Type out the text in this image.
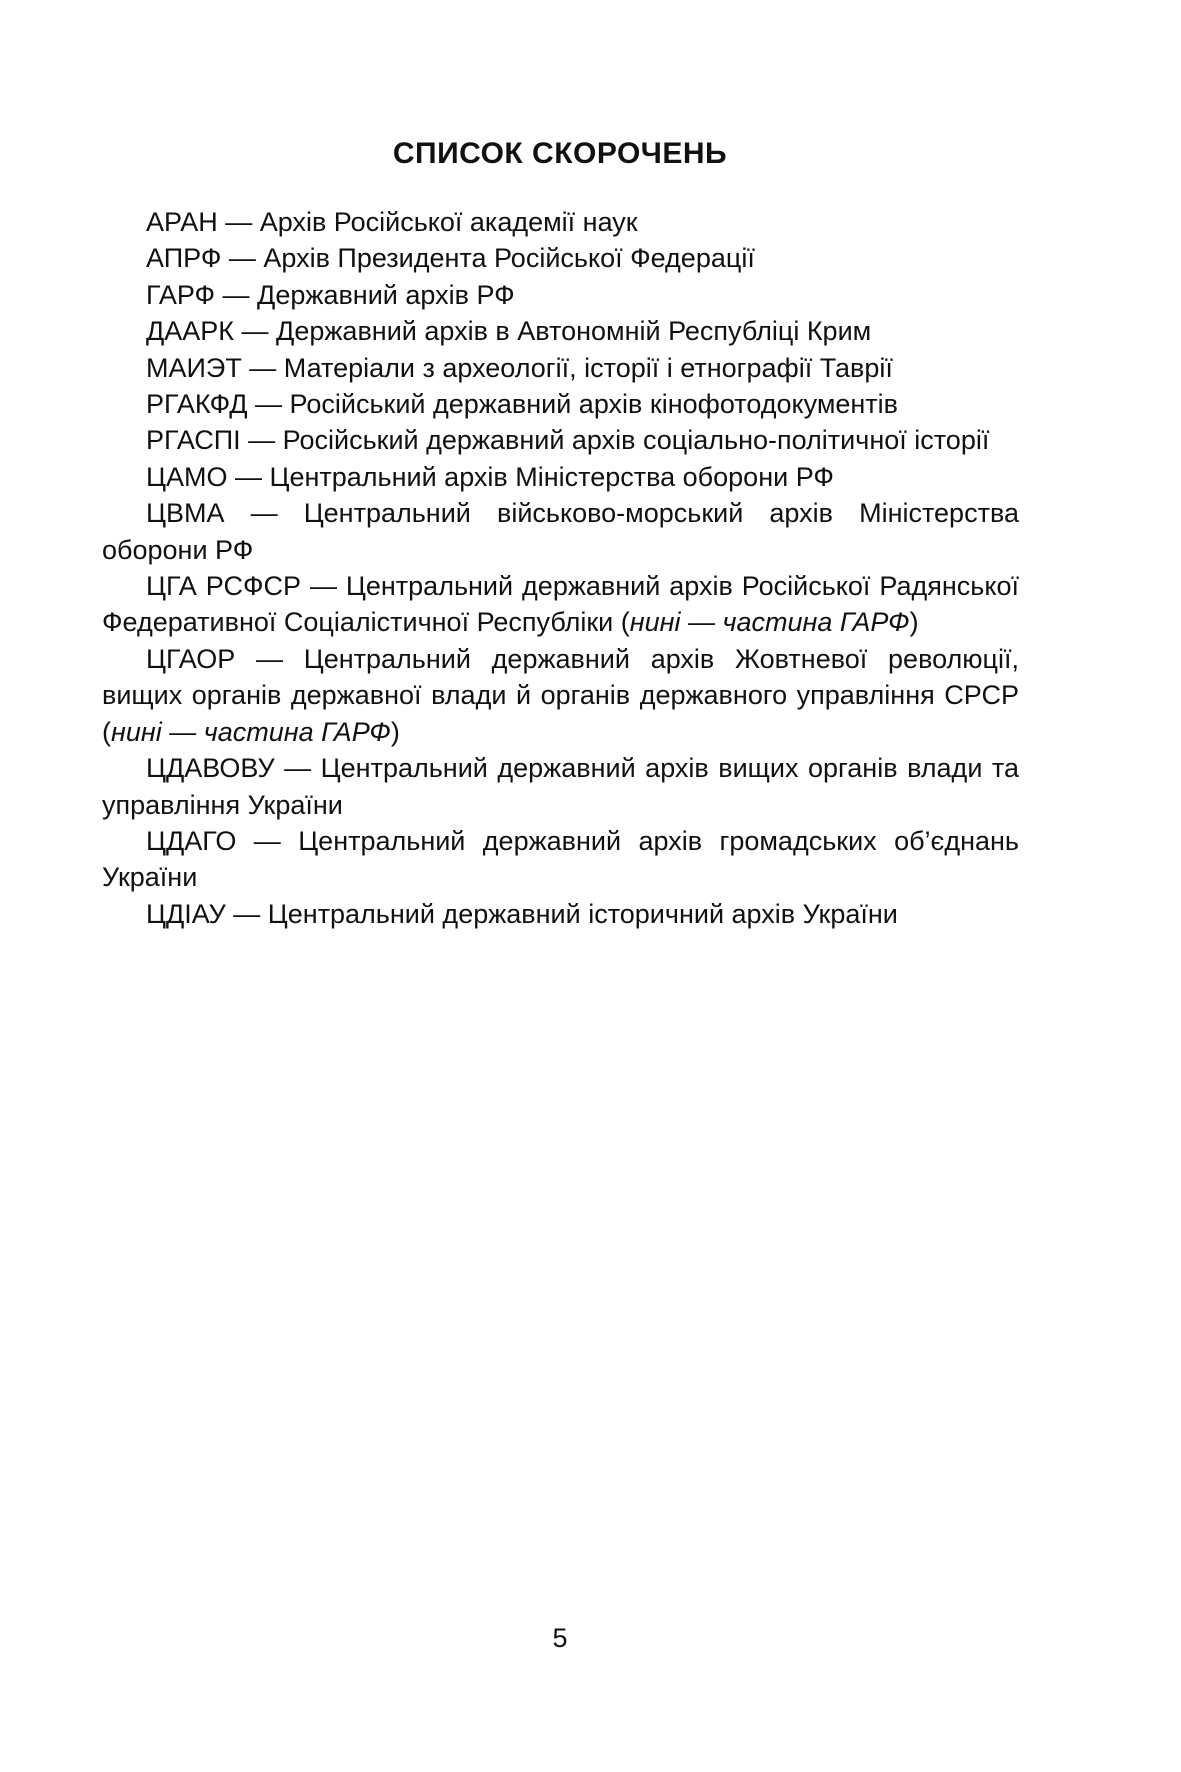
СПИСОК СКОРОЧЕНЬ

АРАН — Архів Російської академії наук

АПРФ — Архів Президента Російської Федерації

ГАРФ — Державний архів РФ

ДААРК — Державний архів в Автономній Республіці Крим

МАИЭТ — Матеріали з археології, історії і етнографії Таврії

РГАКФД — Російський державний архів кінофотодокументів

РГАСПІ — Російський державний архів соціально-політичної історії

ЦАМО — Центральний архів Міністерства оборони РФ

ЦВМА — Центральний військово-морський архів Міністерства оборони РФ

ЦГА РСФСР — Центральний державний архів Російської Радянської Федеративної Соціалістичної Республіки (нині — частина ГАРФ)

ЦГАОР — Центральний державний архів Жовтневої революції, вищих органів державної влади й органів державного управління СРСР (нині — частина ГАРФ)

ЦДАВОВУ — Центральний державний архів вищих органів влади та управління України

ЦДАГО — Центральний державний архів громадських об’єднань України

ЦДІАУ — Центральний державний історичний архів України

5
